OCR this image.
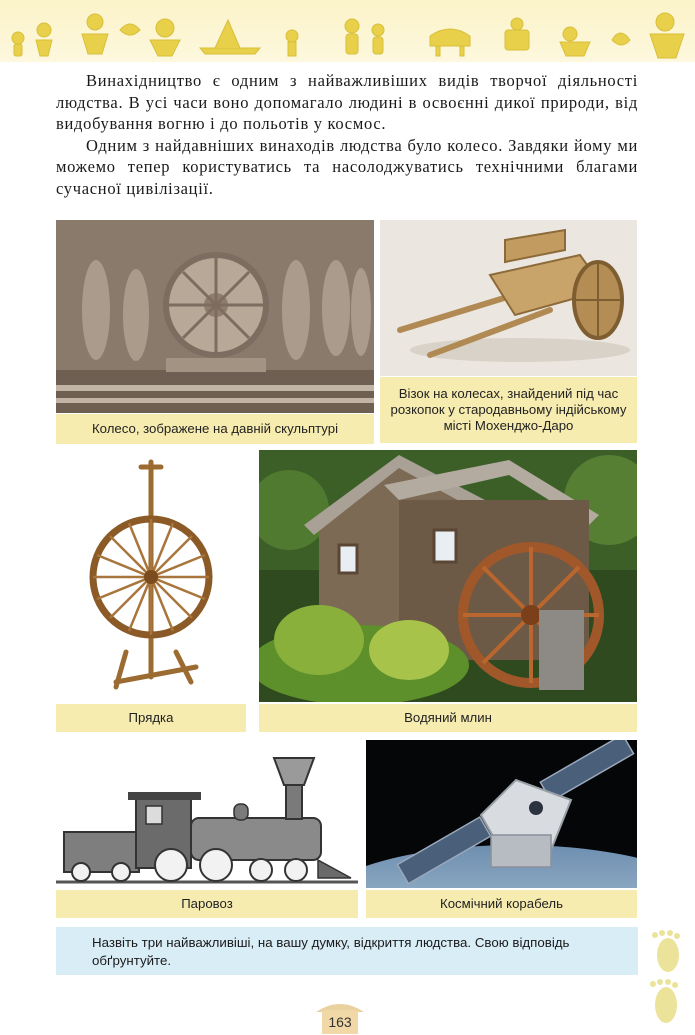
Винахідництво є одним з найважливіших видів творчої діяльності людства. В усі часи воно допомагало людині в освоєнні дикої природи, від видобування вогню і до польотів у космос.

Одним з найдавніших винаходів людства було колесо. Завдяки йому ми можемо тепер користуватись та насолоджуватись технічними благами сучасної цивілізації.

Колесо, зображене на давній скульптурі
Візок на колесах, знайдений під час розкопок у стародавньому індійському місті Мохенджо-Даро
Прядка	Водяний млин
Паровоз	Космічний корабель
Назвіть три найважливіші, на вашу думку, відкриття людства. Свою відповідь обґрунтуйте.
163
